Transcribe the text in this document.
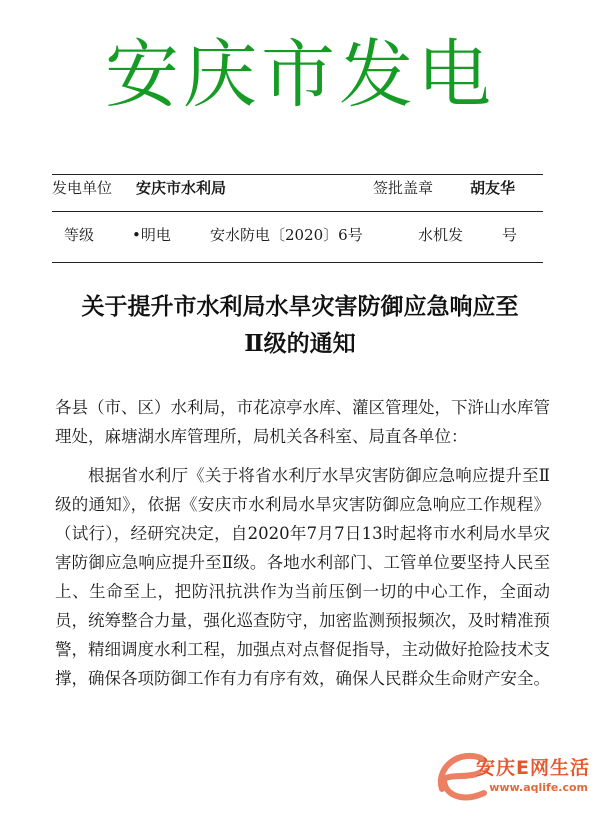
安庆市发电
发电单位 安庆市水利局	签批盖章 胡友华
等级	•明电	安水防电〔2020〕6号	水机发	号
关于提升市水利局水旱灾害防御应急响应至
Ⅱ级的通知

各县（市、区）水利局，市花凉亭水库、灌区管理处，下浒山水库管理处，麻塘湖水库管理所，局机关各科室、局直各单位：

根据省水利厅《关于将省水利厅水旱灾害防御应急响应提升至Ⅱ级的通知》，依据《安庆市水利局水旱灾害防御应急响应工作规程》（试行），经研究决定，自2020年7月7日13时起将市水利局水旱灾害防御应急响应提升至Ⅱ级。各地水利部门、工管单位要坚持人民至上、生命至上，把防汛抗洪作为当前压倒一切的中心工作，全面动员，统筹整合力量，强化巡查防守，加密监测预报频次，及时精准预警，精细调度水利工程，加强点对点督促指导，主动做好抢险技术支撑，确保各项防御工作有力有序有效，确保人民群众生命财产安全。

安庆E网生活
www.aqlife.com
